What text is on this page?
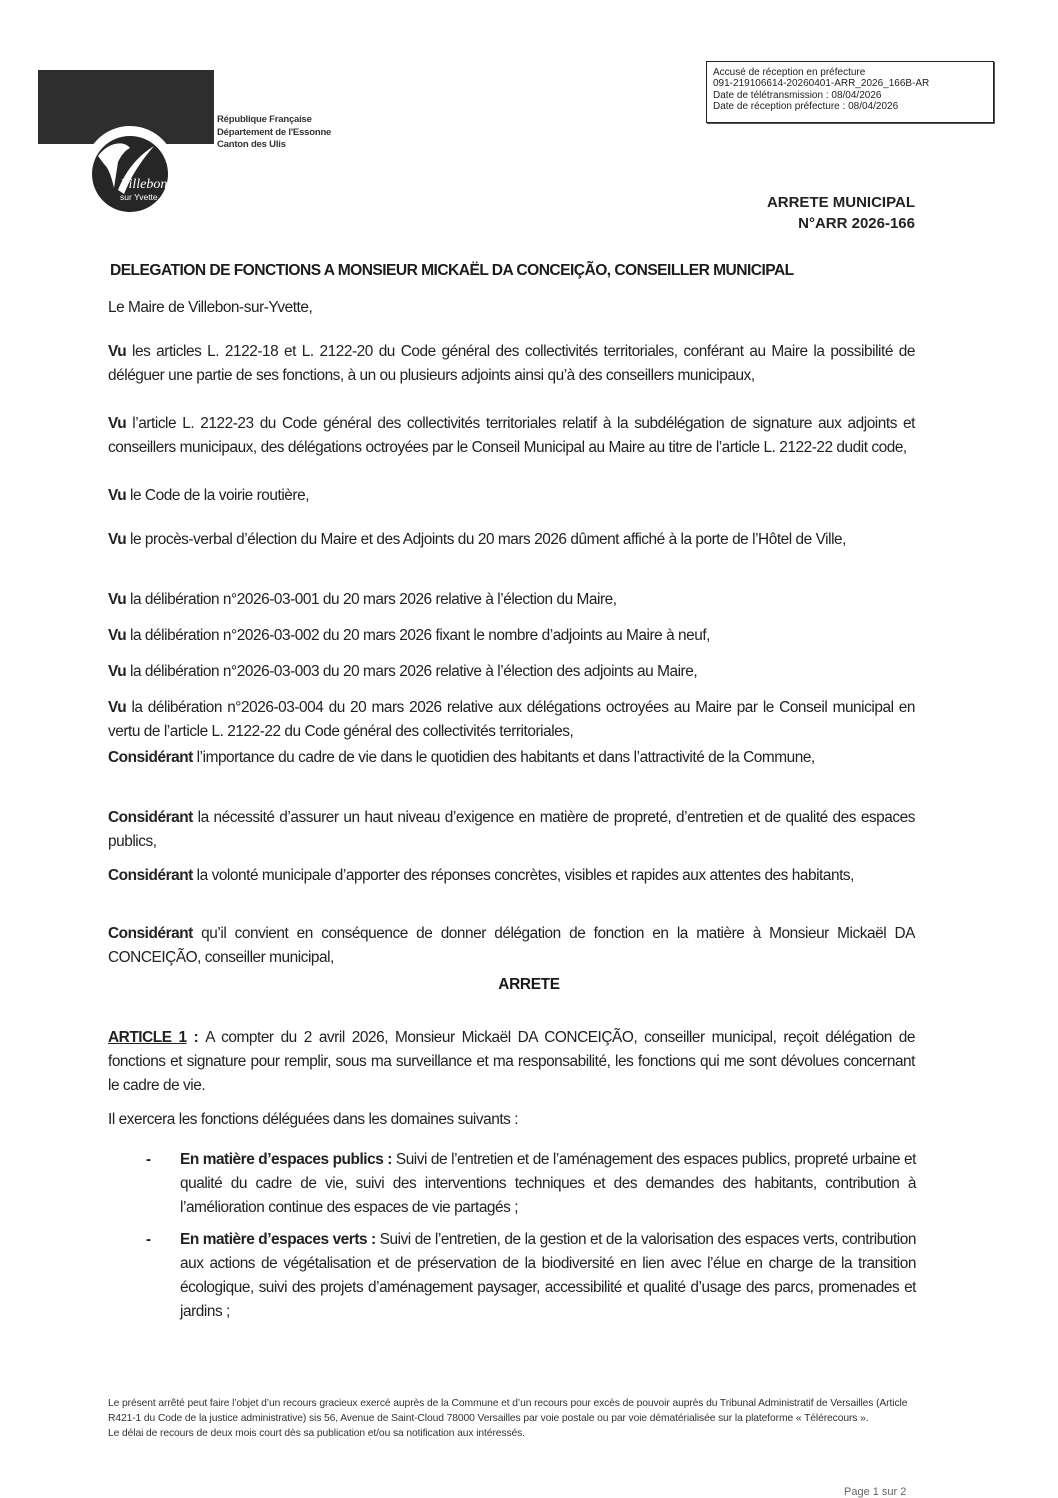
Villebon
sur Yvette
République Française
Département de l'Essonne
Canton des Ulis
Accusé de réception en préfecture
091-219106614-20260401-ARR_2026_166B-AR
Date de télétransmission : 08/04/2026
Date de réception préfecture : 08/04/2026
ARRETE MUNICIPAL
N°ARR 2026-166
DELEGATION DE FONCTIONS A MONSIEUR MICKAËL DA CONCEIÇÃO, CONSEILLER MUNICIPAL

Le Maire de Villebon-sur-Yvette,

Vu les articles L. 2122-18 et L. 2122-20 du Code général des collectivités territoriales, conférant au Maire la possibilité de déléguer une partie de ses fonctions, à un ou plusieurs adjoints ainsi qu’à des conseillers municipaux,

Vu l’article L. 2122-23 du Code général des collectivités territoriales relatif à la subdélégation de signature aux adjoints et conseillers municipaux, des délégations octroyées par le Conseil Municipal au Maire au titre de l’article L. 2122-22 dudit code,

Vu le Code de la voirie routière,

Vu le procès-verbal d’élection du Maire et des Adjoints du 20 mars 2026 dûment affiché à la porte de l’Hôtel de Ville,

Vu la délibération n°2026-03-001 du 20 mars 2026 relative à l’élection du Maire,

Vu la délibération n°2026-03-002 du 20 mars 2026 fixant le nombre d’adjoints au Maire à neuf,

Vu la délibération n°2026-03-003 du 20 mars 2026 relative à l’élection des adjoints au Maire,

Vu la délibération n°2026-03-004 du 20 mars 2026 relative aux délégations octroyées au Maire par le Conseil municipal en vertu de l’article L. 2122-22 du Code général des collectivités territoriales,

Considérant l’importance du cadre de vie dans le quotidien des habitants et dans l’attractivité de la Commune,

Considérant la nécessité d’assurer un haut niveau d’exigence en matière de propreté, d’entretien et de qualité des espaces publics,

Considérant la volonté municipale d’apporter des réponses concrètes, visibles et rapides aux attentes des habitants,

Considérant qu’il convient en conséquence de donner délégation de fonction en la matière à Monsieur Mickaël DA CONCEIÇÃO, conseiller municipal,

ARRETE

ARTICLE 1 : A compter du 2 avril 2026, Monsieur Mickaël DA CONCEIÇÃO, conseiller municipal, reçoit délégation de fonctions et signature pour remplir, sous ma surveillance et ma responsabilité, les fonctions qui me sont dévolues concernant le cadre de vie.

Il exercera les fonctions déléguées dans les domaines suivants :

- En matière d’espaces publics : Suivi de l’entretien et de l’aménagement des espaces publics, propreté urbaine et qualité du cadre de vie, suivi des interventions techniques et des demandes des habitants, contribution à l’amélioration continue des espaces de vie partagés ;

- En matière d’espaces verts : Suivi de l’entretien, de la gestion et de la valorisation des espaces verts, contribution aux actions de végétalisation et de préservation de la biodiversité en lien avec l’élue en charge de la transition écologique, suivi des projets d’aménagement paysager, accessibilité et qualité d’usage des parcs, promenades et jardins ;

Le présent arrêté peut faire l’objet d’un recours gracieux exercé auprès de la Commune et d’un recours pour excès de pouvoir auprès du Tribunal Administratif de Versailles (Article R421-1 du Code de la justice administrative) sis 56, Avenue de Saint-Cloud 78000 Versailles par voie postale ou par voie dématérialisée sur la plateforme « Télérecours ».

Le délai de recours de deux mois court dès sa publication et/ou sa notification aux intéressés.

Page 1 sur 2
